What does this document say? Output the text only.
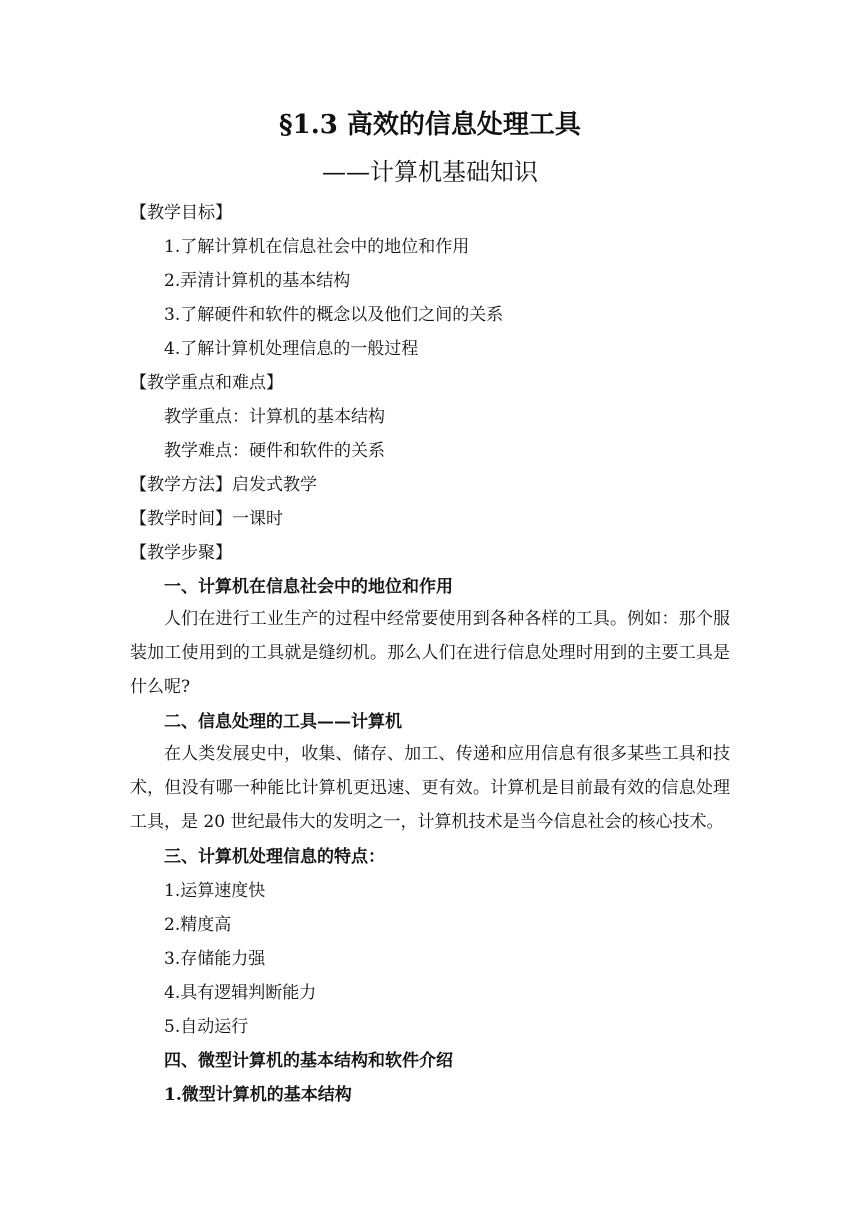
§1.3 高效的信息处理工具
——计算机基础知识
【教学目标】
1.了解计算机在信息社会中的地位和作用
2.弄清计算机的基本结构
3.了解硬件和软件的概念以及他们之间的关系
4.了解计算机处理信息的一般过程
【教学重点和难点】
教学重点：计算机的基本结构
教学难点：硬件和软件的关系
【教学方法】启发式教学
【教学时间】一课时
【教学步聚】
一、计算机在信息社会中的地位和作用
人们在进行工业生产的过程中经常要使用到各种各样的工具。例如：那个服装加工使用到的工具就是缝纫机。那么人们在进行信息处理时用到的主要工具是什么呢?
二、信息处理的工具——计算机
在人类发展史中，收集、储存、加工、传递和应用信息有很多某些工具和技术，但没有哪一种能比计算机更迅速、更有效。计算机是目前最有效的信息处理工具，是 20 世纪最伟大的发明之一，计算机技术是当今信息社会的核心技术。
三、计算机处理信息的特点：
1.运算速度快
2.精度高
3.存储能力强
4.具有逻辑判断能力
5.自动运行
四、微型计算机的基本结构和软件介绍
1.微型计算机的基本结构
